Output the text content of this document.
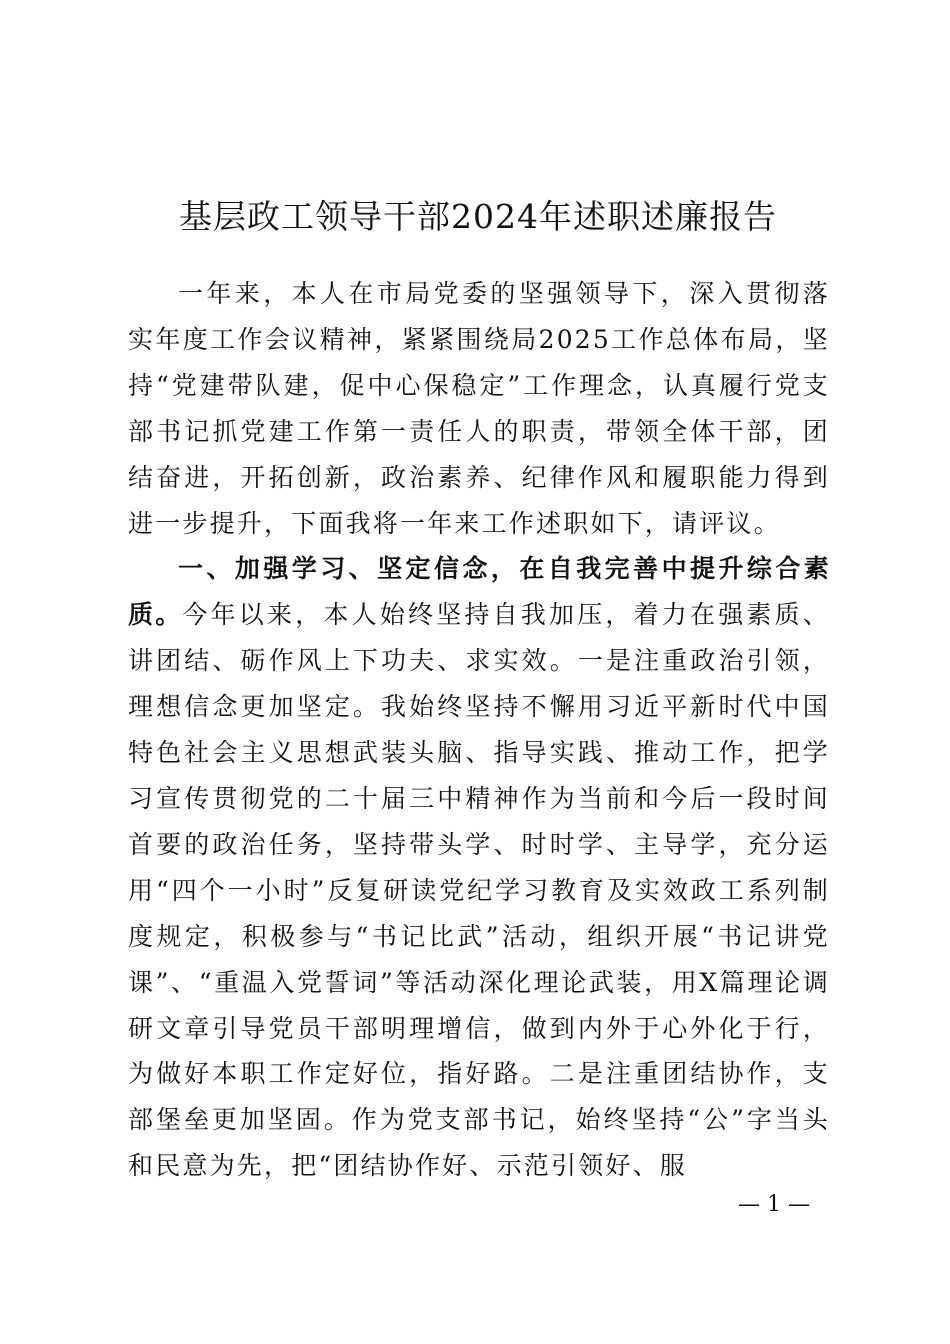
基层政工领导干部2024年述职述廉报告

一年来，本人在市局党委的坚强领导下，深入贯彻落实年度工作会议精神，紧紧围绕局2025工作总体布局，坚持“党建带队建，促中心保稳定”工作理念，认真履行党支部书记抓党建工作第一责任人的职责，带领全体干部，团结奋进，开拓创新，政治素养、纪律作风和履职能力得到进一步提升，下面我将一年来工作述职如下，请评议。

一、加强学习、坚定信念，在自我完善中提升综合素质。今年以来，本人始终坚持自我加压，着力在强素质、讲团结、砺作风上下功夫、求实效。一是注重政治引领，理想信念更加坚定。我始终坚持不懈用习近平新时代中国特色社会主义思想武装头脑、指导实践、推动工作，把学习宣传贯彻党的二十届三中精神作为当前和今后一段时间首要的政治任务，坚持带头学、时时学、主导学，充分运用“四个一小时”反复研读党纪学习教育及实效政工系列制度规定，积极参与“书记比武”活动，组织开展“书记讲党课”、“重温入党誓词”等活动深化理论武装，用X篇理论调研文章引导党员干部明理增信，做到内外于心外化于行，为做好本职工作定好位，指好路。二是注重团结协作，支部堡垒更加坚固。作为党支部书记，始终坚持“公”字当头和民意为先，把“团结协作好、示范引领好、服

— 1 —
